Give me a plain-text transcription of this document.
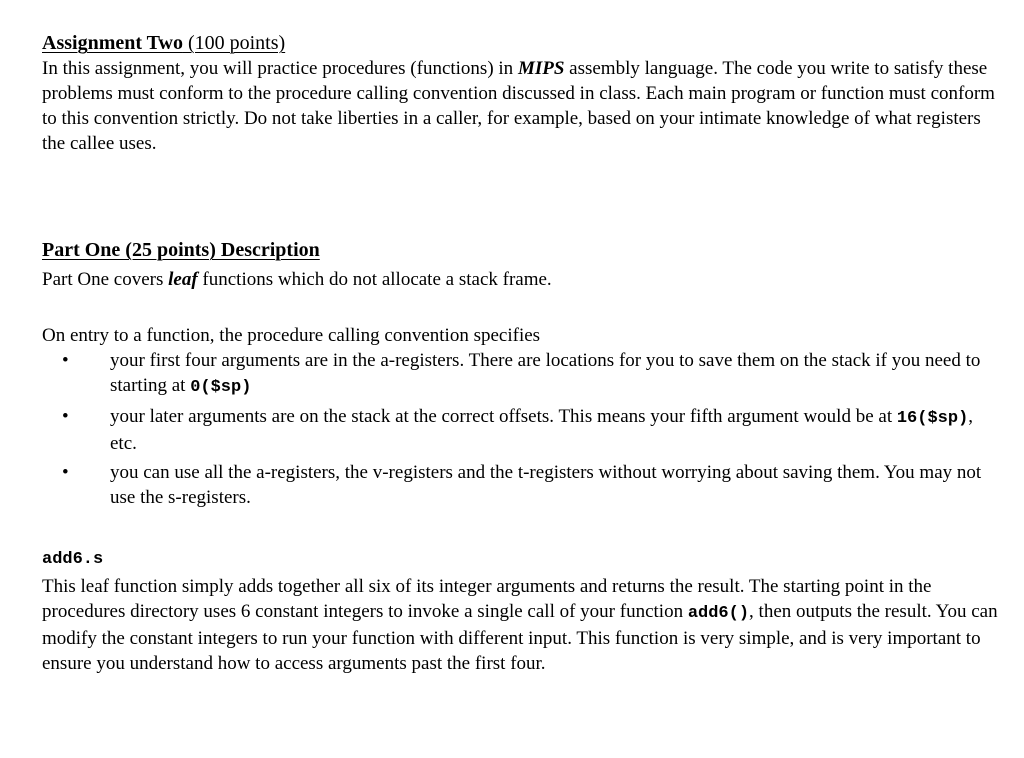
Assignment Two (100 points)

In this assignment, you will practice procedures (functions) in MIPS assembly language. The code you write to satisfy these problems must conform to the procedure calling convention discussed in class. Each main program or function must conform to this convention strictly. Do not take liberties in a caller, for example, based on your intimate knowledge of what registers the callee uses.

Part One (25 points) Description

Part One covers leaf functions which do not allocate a stack frame.

On entry to a function, the procedure calling convention specifies

• your first four arguments are in the a-registers. There are locations for you to save them on the stack if you need to starting at 0($sp)
• your later arguments are on the stack at the correct offsets. This means your fifth argument would be at 16($sp), etc.
• you can use all the a-registers, the v-registers and the t-registers without worrying about saving them. You may not use the s-registers.
add6.s

This leaf function simply adds together all six of its integer arguments and returns the result. The starting point in the procedures directory uses 6 constant integers to invoke a single call of your function add6(), then outputs the result. You can modify the constant integers to run your function with different input. This function is very simple, and is very important to ensure you understand how to access arguments past the first four.
